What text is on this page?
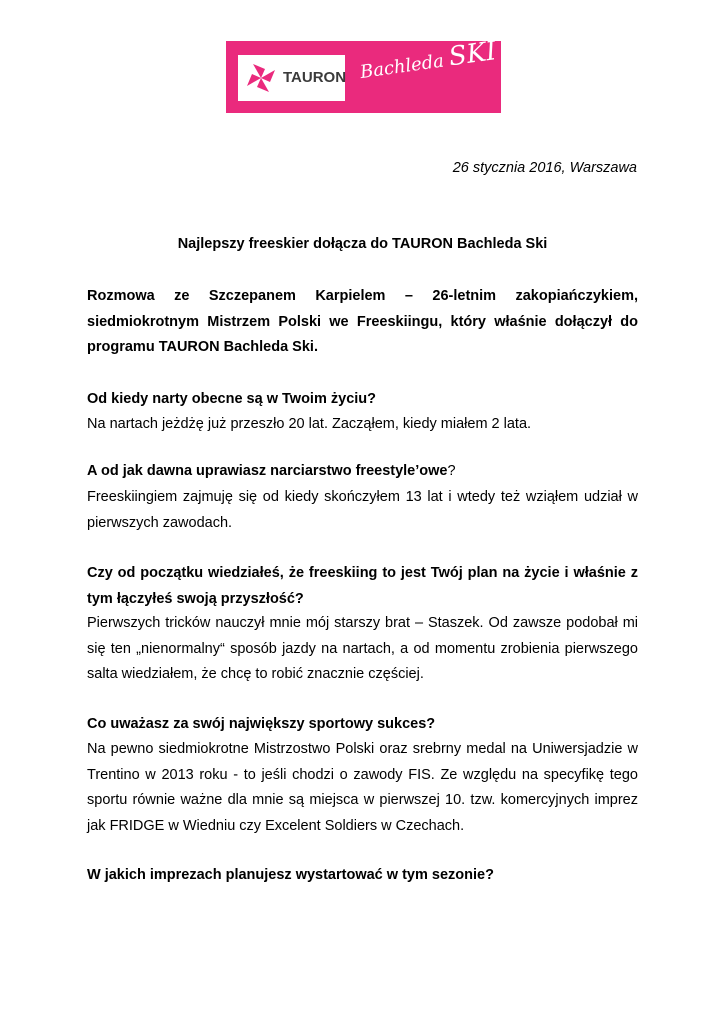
TAURON Bachleda SKI
26 stycznia 2016, Warszawa
Najlepszy freeskier dołącza do TAURON Bachleda Ski
Rozmowa ze Szczepanem Karpielem – 26-letnim zakopiańczykiem, siedmiokrotnym Mistrzem Polski we Freeskiingu, który właśnie dołączył do programu TAURON Bachleda Ski.
Od kiedy narty obecne są w Twoim życiu?
Na nartach jeżdżę już przeszło 20 lat. Zacząłem, kiedy miałem 2 lata.
A od jak dawna uprawiasz narciarstwo freestyle’owe?
Freeskiingiem zajmuję się od kiedy skończyłem 13 lat i wtedy też wziąłem udział w pierwszych zawodach.
Czy od początku wiedziałeś, że freeskiing to jest Twój plan na życie i właśnie z tym łączyłeś swoją przyszłość?
Pierwszych tricków nauczył mnie mój starszy brat – Staszek. Od zawsze podobał mi się ten „nienormalny“ sposób jazdy na nartach, a od momentu zrobienia pierwszego salta wiedziałem, że chcę to robić znacznie częściej.
Co uważasz za swój największy sportowy sukces?
Na pewno siedmiokrotne Mistrzostwo Polski oraz srebrny medal na Uniwersjadzie w Trentino w 2013 roku - to jeśli chodzi o zawody FIS. Ze względu na specyfikę tego sportu równie ważne dla mnie są miejsca w pierwszej 10. tzw. komercyjnych imprez jak FRIDGE w Wiedniu czy Excelent Soldiers w Czechach.
W jakich imprezach planujesz wystartować w tym sezonie?
